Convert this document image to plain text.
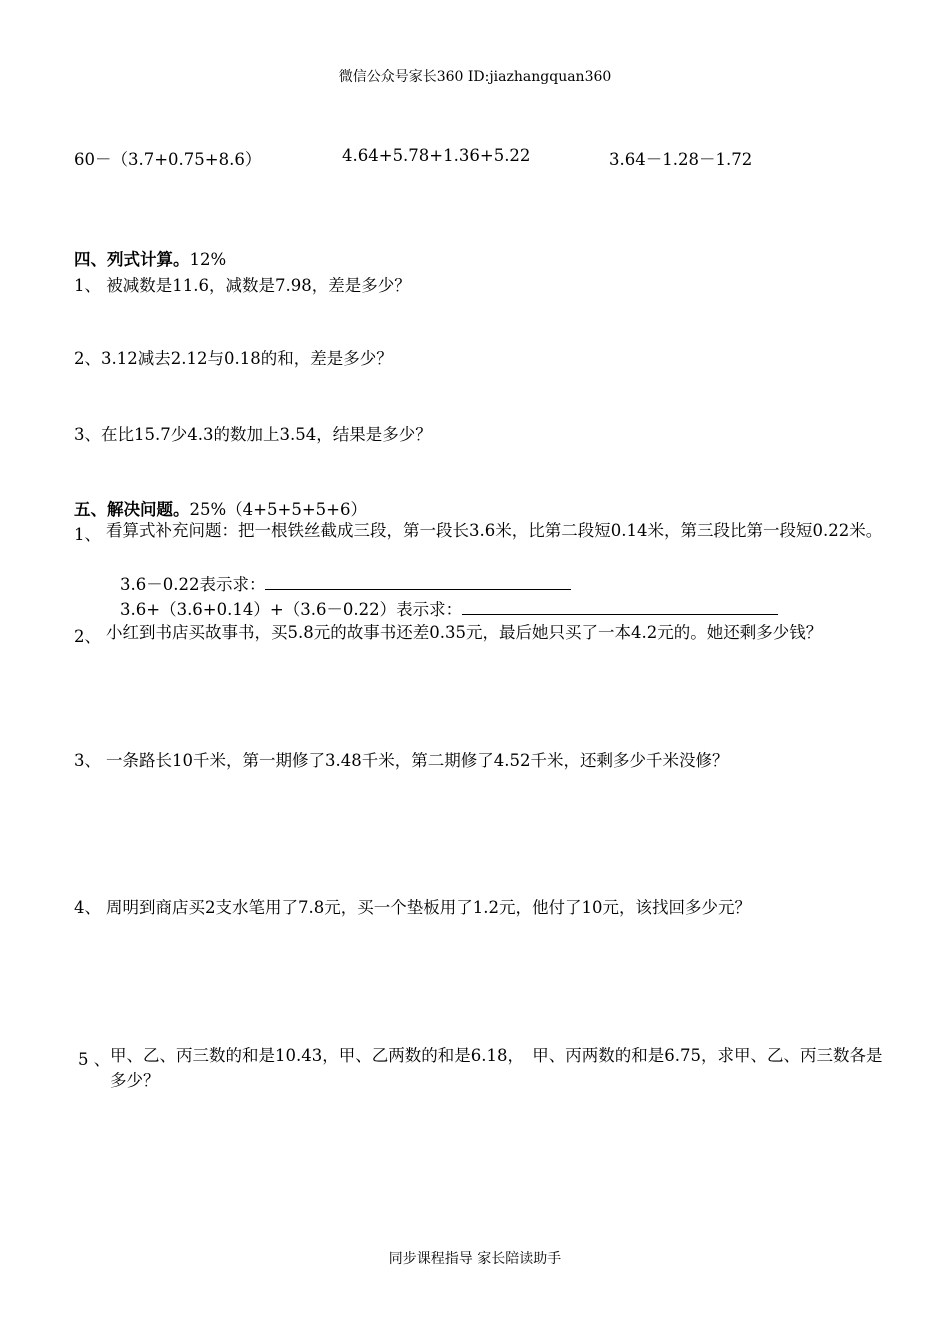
微信公众号家长360 ID:jiazhangquan360
60－（3.7+0.75+8.6）	4.64+5.78+1.36+5.22	3.64－1.28－1.72
四、列式计算。12%
1、 被减数是11.6，减数是7.98，差是多少？
2、3.12减去2.12与0.18的和，差是多少？
3、在比15.7少4.3的数加上3.54，结果是多少？
五、解决问题。25%（4+5+5+5+6）
1、 看算式补充问题：把一根铁丝截成三段，第一段长3.6米，比第二段短0.14米，第三段比第一段短0.22米。
3.6－0.22表示求：
3.6+（3.6+0.14）+（3.6－0.22）表示求：
2、 小红到书店买故事书，买5.8元的故事书还差0.35元，最后她只买了一本4.2元的。她还剩多少钱？
3、 一条路长10千米，第一期修了3.48千米，第二期修了4.52千米，还剩多少千米没修？
4、 周明到商店买2支水笔用了7.8元，买一个垫板用了1.2元，他付了10元，该找回多少元？
5 、 甲、乙、丙三数的和是10.43，甲、乙两数的和是6.18，　甲、丙两数的和是6.75，求甲、乙、丙三数各是多少？
同步课程指导 家长陪读助手
